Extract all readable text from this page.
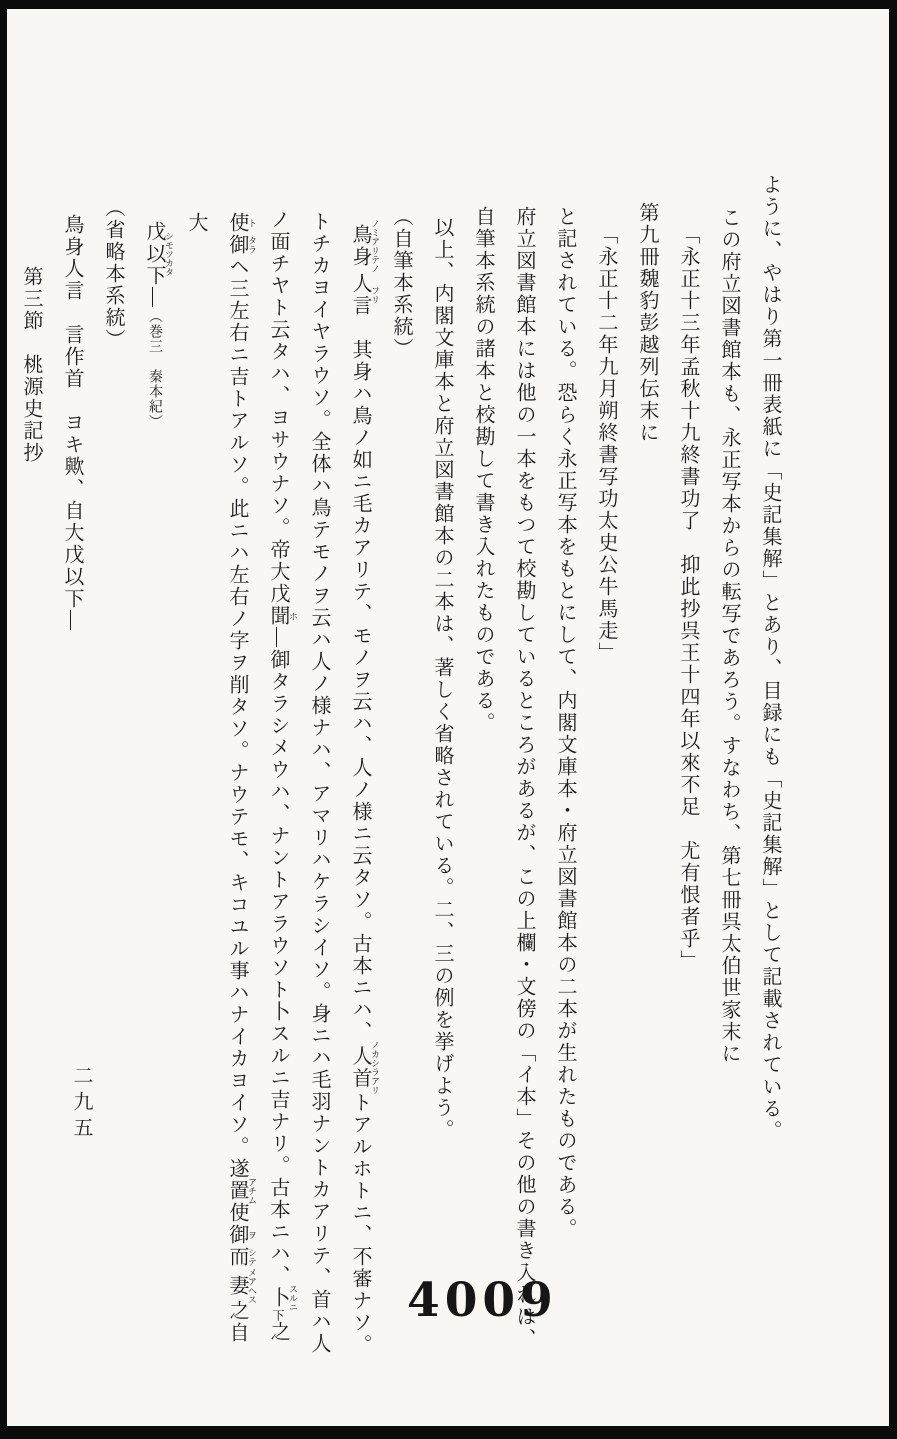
ように、やはり第一冊表紙に「史記集解」とあり、目録にも「史記集解」として記載されている。

この府立図書館本も、永正写本からの転写であろう。すなわち、第七冊呉太伯世家末に

「永正十三年孟秋十九終書功了　抑此抄呉王十四年以來不足　尤有恨者乎」

第九冊魏豹彭越列伝末に

「永正十二年九月朔終書写功太史公牛馬走」

と記されている。恐らく永正写本をもとにして、内閣文庫本・府立図書館本の二本が生れたものである。

府立図書館本には他の一本をもつて校勘しているところがあるが、この上欄・文傍の「イ本」その他の書き入れは、

自筆本系統の諸本と校勘して書き入れたものである。

以上、内閣文庫本と府立図書館本の二本は、著しく省略されている。二、三の例を挙げよう。

（自筆本系統）

鳥身 ノミアリテノ人言 フリ　其身ハ鳥ノ如ニ毛カアリテ、モノヲ云ハ、人ノ様ニ云タソ。古本ニハ、人首 ノカシラアリトアルホトニ、不審ナソ。

トチカヨイヤラウソ。全体ハ鳥テモノヲ云ハ人ノ様ナハ、アマリハケラシイソ。身ニハ毛羽ナントカアリテ、首ハ人

ノ面チヤト云タハ、ヨサウナソ。帝大戊聞 ホ—御タラシメウハ、ナントアラウソト卜スルニ吉ナリ。古本ニハ、卜 スルニ下之

使 ト御 タラヘ三左右ニ吉トアルソ。此ニハ左右ノ字ヲ削タソ。ナウテモ、キコユル事ハナイカヨイソ。遂置 アチム使御 ヲ而 シテ妻 メアヘス之自大

戊以下 シモツカタ—（巻三　秦本紀）

（省略本系統）

鳥身人言　言作首　ヨキ歟、自大戊以下—

第三節　桃源史記抄

二九五
4009
